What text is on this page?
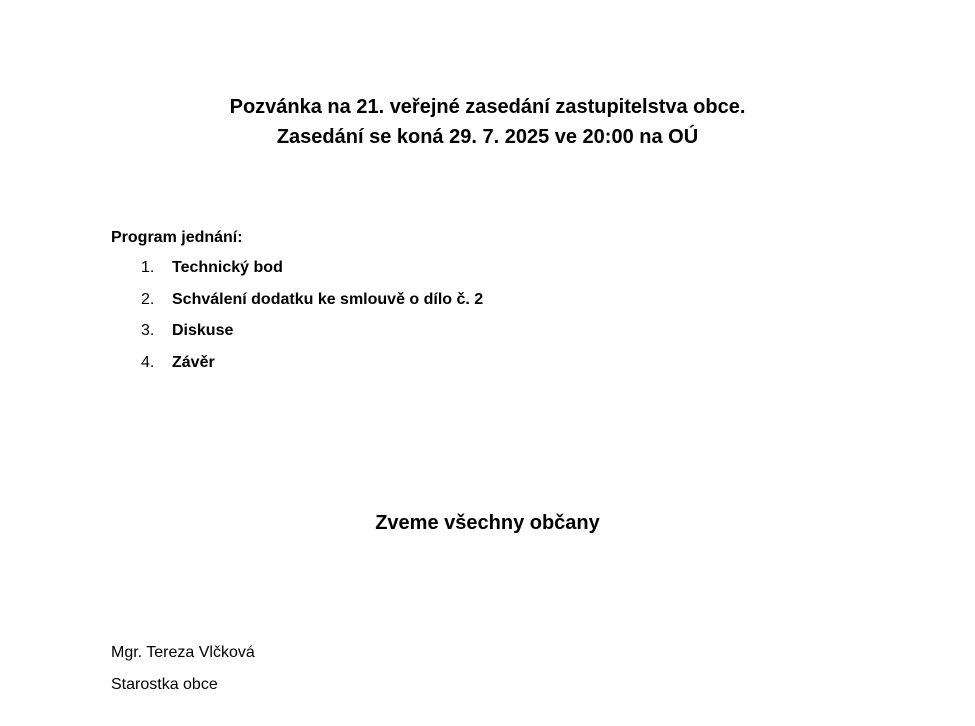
Pozvánka na 21. veřejné zasedání zastupitelstva obce.
Zasedání se koná 29. 7. 2025 ve 20:00 na OÚ
Program jednání:
1. Technický bod
2. Schválení dodatku ke smlouvě o dílo č. 2
3. Diskuse
4. Závěr
Zveme všechny občany
Mgr. Tereza Vlčková
Starostka obce
